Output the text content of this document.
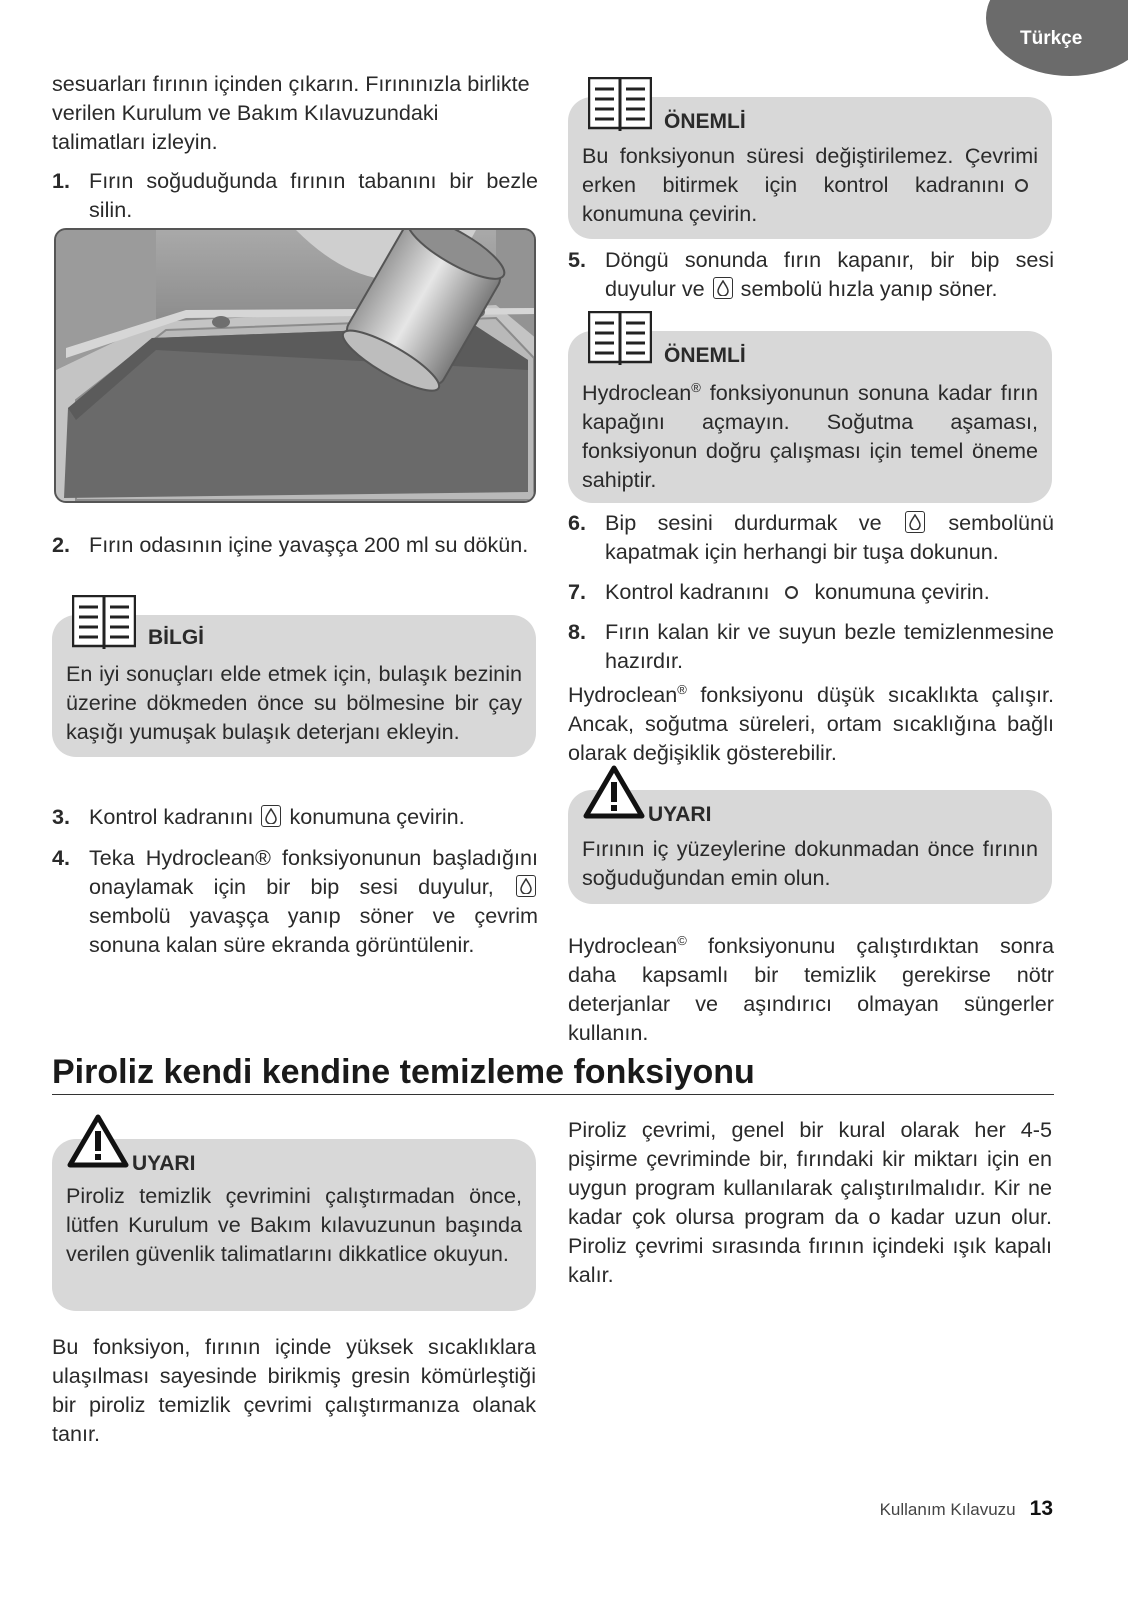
Türkçe

sesuarları fırının içinden çıkarın. Fırınınızla birlikte verilen Kurulum ve Bakım Kılavuzundaki talimatları izleyin.

1. Fırın soğuduğunda fırının tabanını bir bezle silin.
2. Fırın odasının içine yavaşça 200 ml su dökün.
BİLGİ

En iyi sonuçları elde etmek için, bulaşık bezinin üzerine dökmeden önce su bölmesine bir çay kaşığı yumuşak bulaşık deterjanı ekleyin.

3. Kontrol kadranını konumuna çevirin.
4. Teka Hydroclean® fonksiyonunun başladığını onaylamak için bir bip sesi duyulur,
sembolü yavaşça yanıp söner ve çevrim sonuna kalan süre ekranda görüntülenir.
ÖNEMLİ

Bu fonksiyonun süresi değiştirilemez. Çevrimi erken bitirmek için kontrol kadranınıkonumuna çevirin.

5. Döngü sonunda fırın kapanır, bir bip sesi duyulur ve sembolü hızla yanıp söner.
ÖNEMLİ

Hydroclean® fonksiyonunun sonuna kadar fırın kapağını açmayın. Soğutma aşaması, fonksiyonun doğru çalışması için temel öneme sahiptir.

6. Bip sesini durdurmak ve	sembolünü kapatmak için herhangi bir tuşa dokunun.
7. Kontrol kadranını konumuna çevirin.
8. Fırın kalan kir ve suyun bezle temizlenmesine hazırdır.

Hydroclean® fonksiyonu düşük sıcaklıkta çalışır. Ancak, soğutma süreleri, ortam sıcaklığına bağlı olarak değişiklik gösterebilir.

UYARI

Fırının iç yüzeylerine dokunmadan önce fırının soğuduğundan emin olun.

Hydroclean© fonksiyonunu çalıştırdıktan sonra daha kapsamlı bir temizlik gerekirse nötr deterjanlar ve aşındırıcı olmayan süngerler kullanın.

Piroliz kendi kendine temizleme fonksiyonu
UYARI

Piroliz temizlik çevrimini çalıştırmadan önce, lütfen Kurulum ve Bakım kılavuzunun başında verilen güvenlik talimatlarını dikkatlice okuyun.

Bu fonksiyon, fırının içinde yüksek sıcaklıklara ulaşılması sayesinde birikmiş gresin kömürleştiği bir piroliz temizlik çevrimi çalıştırmanıza olanak tanır.

Piroliz çevrimi, genel bir kural olarak her 4-5 pişirme çevriminde bir, fırındaki kir miktarı için en uygun program kullanılarak çalıştırılmalıdır. Kir ne kadar çok olursa program da o kadar uzun olur. Piroliz çevrimi sırasında fırının içindeki ışık kapalı kalır.

Kullanım Kılavuzu 13
